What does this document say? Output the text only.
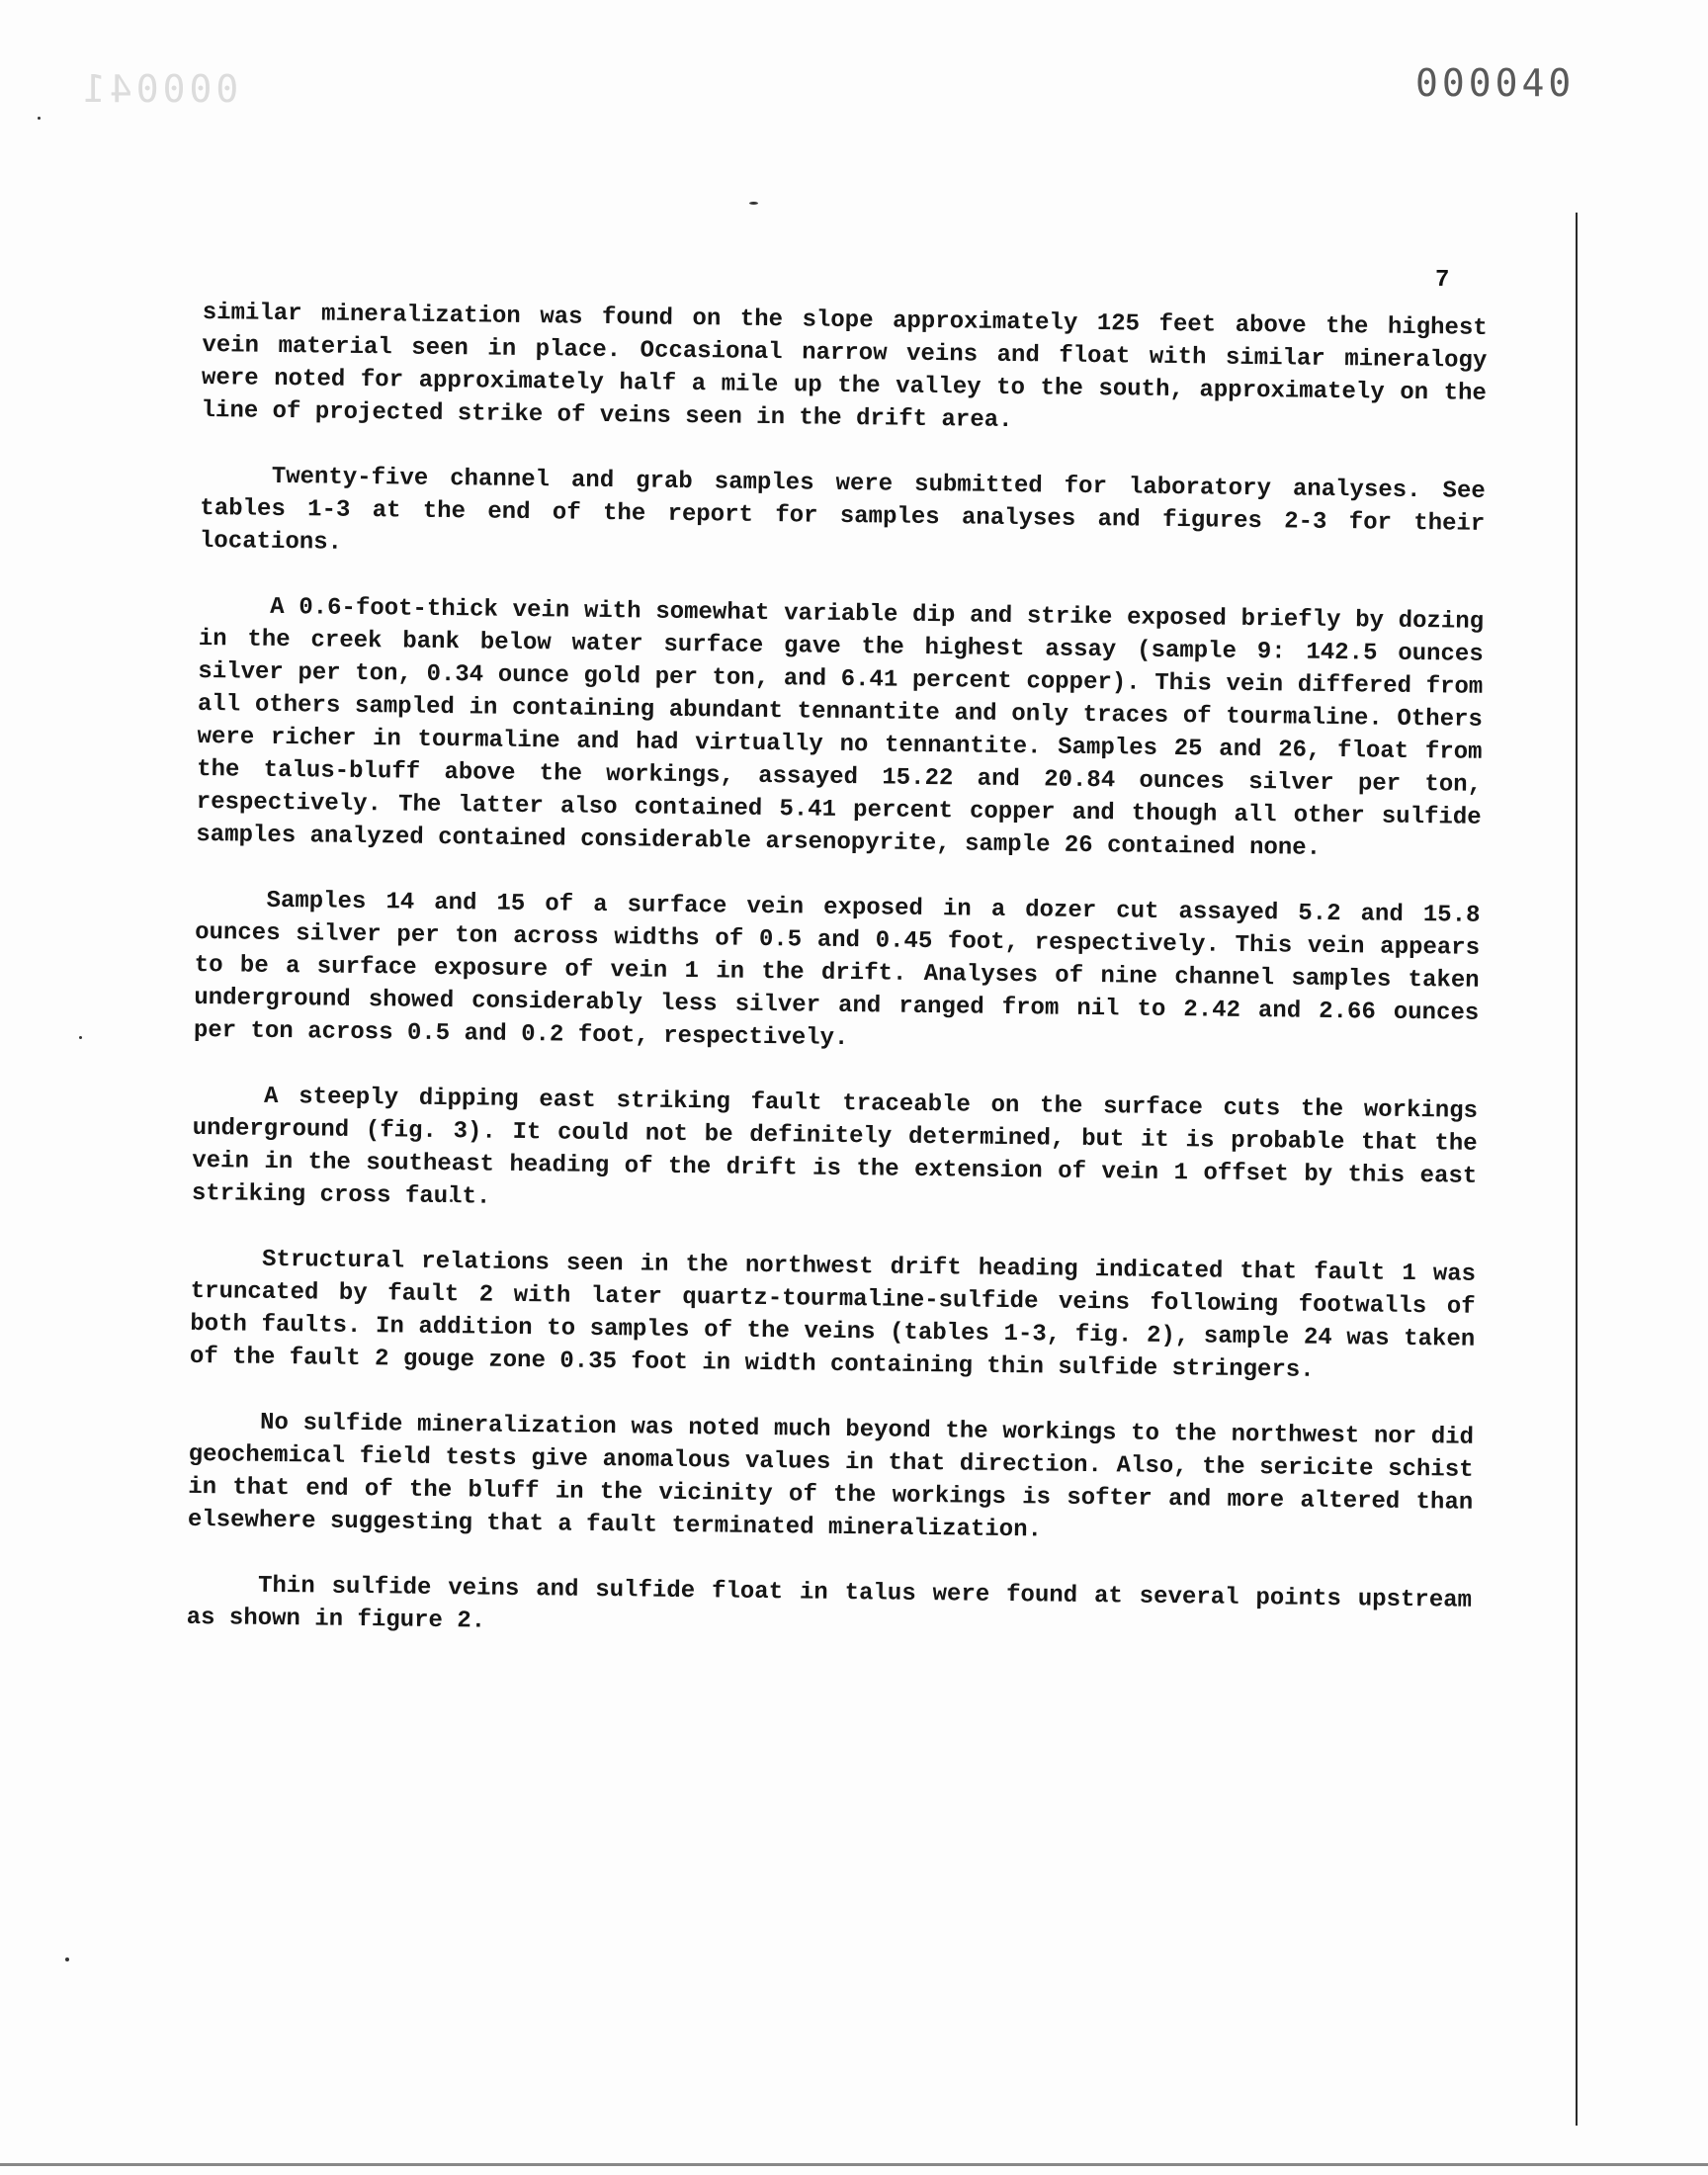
000041	000040
7

similar mineralization was found on the slope approximately 125 feet above the highest vein material seen in place. Occasional narrow veins and float with similar mineralogy were noted for approximately half a mile up the valley to the south, approximately on the line of projected strike of veins seen in the drift area.

Twenty-five channel and grab samples were submitted for laboratory analyses. See tables 1-3 at the end of the report for samples analyses and figures 2-3 for their locations.

A 0.6-foot-thick vein with somewhat variable dip and strike exposed briefly by dozing in the creek bank below water surface gave the highest assay (sample 9: 142.5 ounces silver per ton, 0.34 ounce gold per ton, and 6.41 percent copper). This vein differed from all others sampled in containing abundant tennantite and only traces of tourmaline. Others were richer in tourmaline and had virtually no tennantite. Samples 25 and 26, float from the talus-bluff above the workings, assayed 15.22 and 20.84 ounces silver per ton, respectively. The latter also contained 5.41 percent copper and though all other sulfide samples analyzed contained considerable arsenopyrite, sample 26 contained none.

Samples 14 and 15 of a surface vein exposed in a dozer cut assayed 5.2 and 15.8 ounces silver per ton across widths of 0.5 and 0.45 foot, respectively. This vein appears to be a surface exposure of vein 1 in the drift. Analyses of nine channel samples taken underground showed considerably less silver and ranged from nil to 2.42 and 2.66 ounces per ton across 0.5 and 0.2 foot, respectively.

A steeply dipping east striking fault traceable on the surface cuts the workings underground (fig. 3). It could not be definitely determined, but it is probable that the vein in the southeast heading of the drift is the extension of vein 1 offset by this east striking cross fault.

Structural relations seen in the northwest drift heading indicated that fault 1 was truncated by fault 2 with later quartz-tourmaline-sulfide veins following footwalls of both faults. In addition to samples of the veins (tables 1-3, fig. 2), sample 24 was taken of the fault 2 gouge zone 0.35 foot in width containing thin sulfide stringers.

No sulfide mineralization was noted much beyond the workings to the northwest nor did geochemical field tests give anomalous values in that direction. Also, the sericite schist in that end of the bluff in the vicinity of the workings is softer and more altered than elsewhere suggesting that a fault terminated mineralization.

Thin sulfide veins and sulfide float in talus were found at several points upstream as shown in figure 2.
